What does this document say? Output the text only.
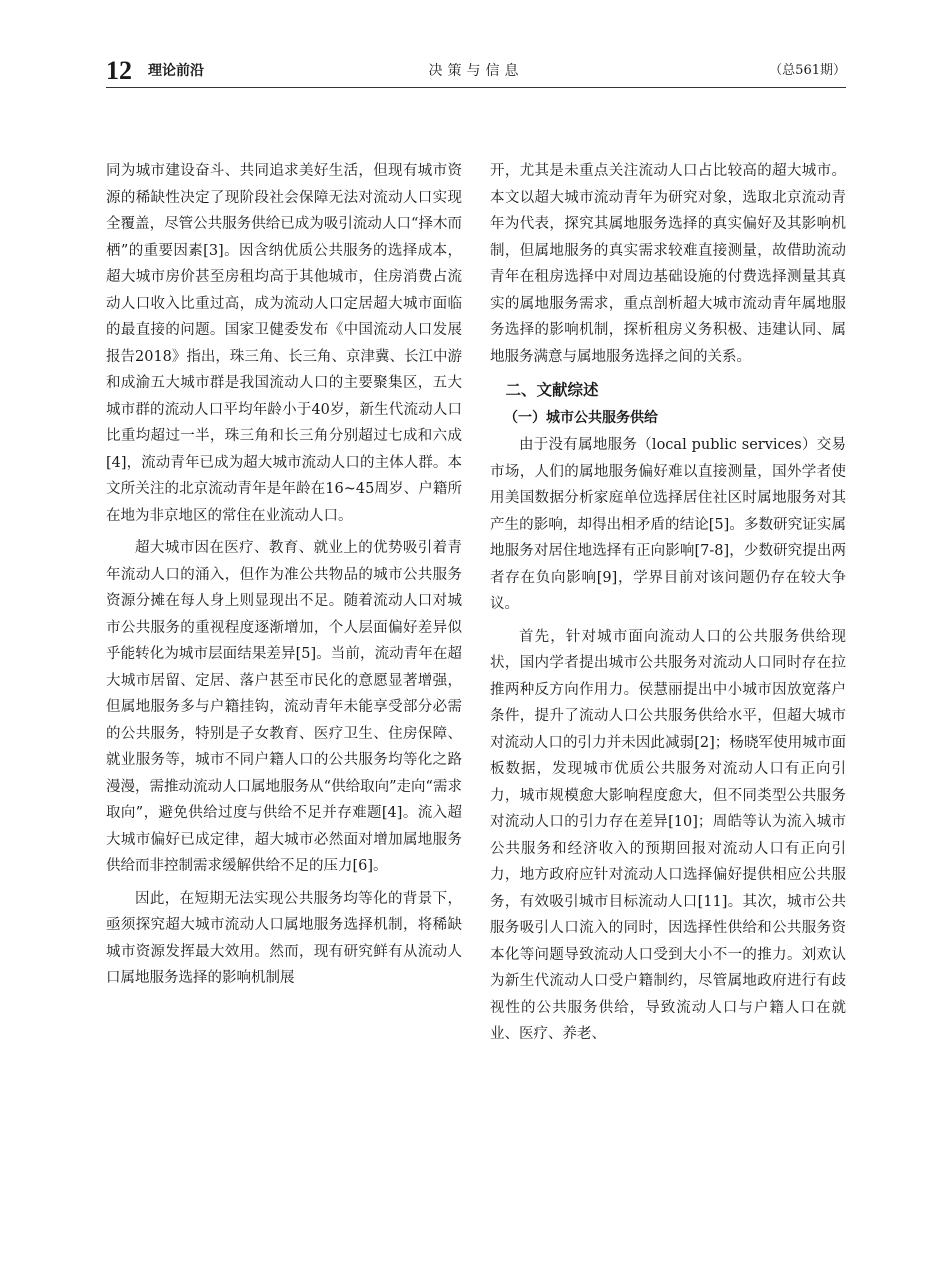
12 理论前沿	决策与信息	（总561期）

同为城市建设奋斗、共同追求美好生活，但现有城市资源的稀缺性决定了现阶段社会保障无法对流动人口实现全覆盖，尽管公共服务供给已成为吸引流动人口“择木而栖”的重要因素[3]。因含纳优质公共服务的选择成本，超大城市房价甚至房租均高于其他城市，住房消费占流动人口收入比重过高，成为流动人口定居超大城市面临的最直接的问题。国家卫健委发布《中国流动人口发展报告2018》指出，珠三角、长三角、京津冀、长江中游和成渝五大城市群是我国流动人口的主要聚集区，五大城市群的流动人口平均年龄小于40岁，新生代流动人口比重均超过一半，珠三角和长三角分别超过七成和六成[4]，流动青年已成为超大城市流动人口的主体人群。本文所关注的北京流动青年是年龄在16~45周岁、户籍所在地为非京地区的常住在业流动人口。

超大城市因在医疗、教育、就业上的优势吸引着青年流动人口的涌入，但作为准公共物品的城市公共服务资源分摊在每人身上则显现出不足。随着流动人口对城市公共服务的重视程度逐渐增加，个人层面偏好差异似乎能转化为城市层面结果差异[5]。当前，流动青年在超大城市居留、定居、落户甚至市民化的意愿显著增强，但属地服务多与户籍挂钩，流动青年未能享受部分必需的公共服务，特别是子女教育、医疗卫生、住房保障、就业服务等，城市不同户籍人口的公共服务均等化之路漫漫，需推动流动人口属地服务从“供给取向”走向“需求取向”，避免供给过度与供给不足并存难题[4]。流入超大城市偏好已成定律，超大城市必然面对增加属地服务供给而非控制需求缓解供给不足的压力[6]。

因此，在短期无法实现公共服务均等化的背景下，亟须探究超大城市流动人口属地服务选择机制，将稀缺城市资源发挥最大效用。然而，现有研究鲜有从流动人口属地服务选择的影响机制展

开，尤其是未重点关注流动人口占比较高的超大城市。本文以超大城市流动青年为研究对象，选取北京流动青年为代表，探究其属地服务选择的真实偏好及其影响机制，但属地服务的真实需求较难直接测量，故借助流动青年在租房选择中对周边基础设施的付费选择测量其真实的属地服务需求，重点剖析超大城市流动青年属地服务选择的影响机制，探析租房义务积极、违建认同、属地服务满意与属地服务选择之间的关系。

二、文献综述
（一）城市公共服务供给

由于没有属地服务（local public services）交易市场，人们的属地服务偏好难以直接测量，国外学者使用美国数据分析家庭单位选择居住社区时属地服务对其产生的影响，却得出相矛盾的结论[5]。多数研究证实属地服务对居住地选择有正向影响[7-8]，少数研究提出两者存在负向影响[9]，学界目前对该问题仍存在较大争议。

首先，针对城市面向流动人口的公共服务供给现状，国内学者提出城市公共服务对流动人口同时存在拉推两种反方向作用力。侯慧丽提出中小城市因放宽落户条件，提升了流动人口公共服务供给水平，但超大城市对流动人口的引力并未因此减弱[2]；杨晓军使用城市面板数据，发现城市优质公共服务对流动人口有正向引力，城市规模愈大影响程度愈大，但不同类型公共服务对流动人口的引力存在差异[10]；周皓等认为流入城市公共服务和经济收入的预期回报对流动人口有正向引力，地方政府应针对流动人口选择偏好提供相应公共服务，有效吸引城市目标流动人口[11]。其次，城市公共服务吸引人口流入的同时，因选择性供给和公共服务资本化等问题导致流动人口受到大小不一的推力。刘欢认为新生代流动人口受户籍制约，尽管属地政府进行有歧视性的公共服务供给，导致流动人口与户籍人口在就业、医疗、养老、
